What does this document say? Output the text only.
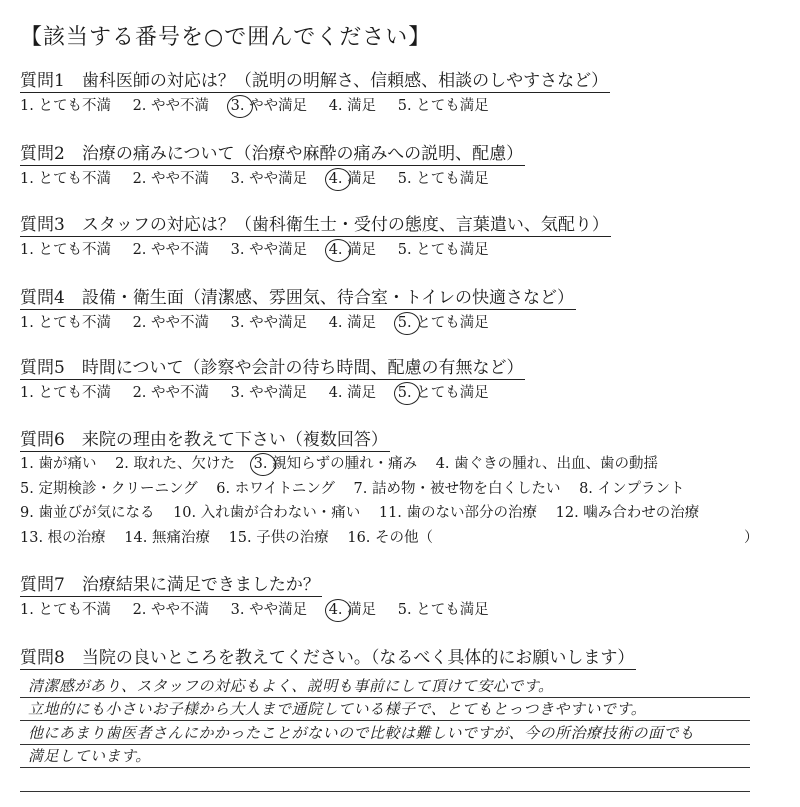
【該当する番号を○で囲んでください】
質問1　歯科医師の対応は？（説明の明解さ、信頼感、相談のしやすさなど）
1. とても不満 2. やや不満 3. やや満足 4. 満足 5. とても満足
質問2　治療の痛みについて（治療や麻酔の痛みへの説明、配慮）
1. とても不満 2. やや不満 3. やや満足 4. 満足 5. とても満足
質問3　スタッフの対応は？（歯科衛生士・受付の態度、言葉遣い、気配り）
1. とても不満 2. やや不満 3. やや満足 4. 満足 5. とても満足
質問4　設備・衛生面（清潔感、雰囲気、待合室・トイレの快適さなど）
1. とても不満 2. やや不満 3. やや満足 4. 満足 5. とても満足
質問5　時間について（診察や会計の待ち時間、配慮の有無など）
1. とても不満 2. やや不満 3. やや満足 4. 満足 5. とても満足
質問6　来院の理由を教えて下さい（複数回答）
1. 歯が痛い 2. 取れた、欠けた 3. 親知らずの腫れ・痛み 4. 歯ぐきの腫れ、出血、歯の動揺
5. 定期検診・クリーニング 6. ホワイトニング 7. 詰め物・被せ物を白くしたい 8. インプラント
9. 歯並びが気になる 10. 入れ歯が合わない・痛い 11. 歯のない部分の治療 12. 噛み合わせの治療
13. 根の治療 14. 無痛治療 15. 子供の治療 16. その他（	）
質問7　治療結果に満足できましたか？
1. とても不満 2. やや不満 3. やや満足 4. 満足 5. とても満足
質問8　当院の良いところを教えてください。（なるべく具体的にお願いします）
清潔感があり、スタッフの対応もよく、説明も事前にして頂けて安心です。
立地的にも小さいお子様から大人まで通院している様子で、とてもとっつきやすいです。
他にあまり歯医者さんにかかったことがないので比較は難しいですが、今の所治療技術の面でも
満足しています。
